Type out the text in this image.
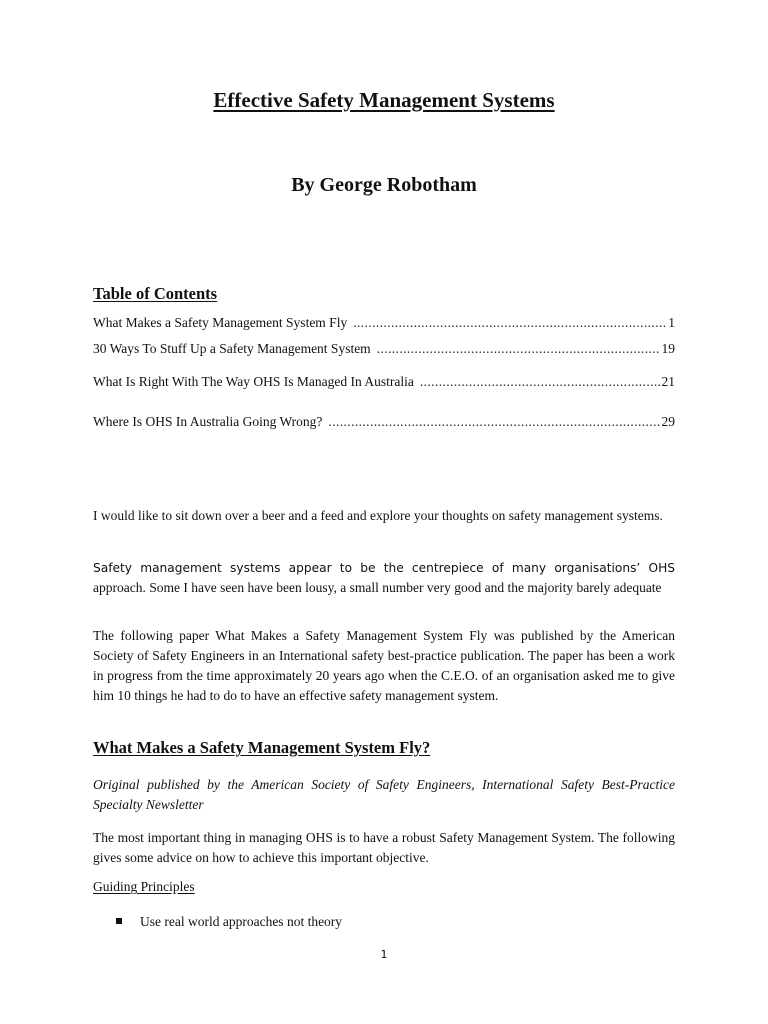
Effective Safety Management Systems
By George Robotham
Table of Contents
What Makes a Safety Management System Fly .....	1
30 Ways To Stuff Up a Safety Management System .....	19
What Is Right With The Way OHS Is Managed In Australia .....	21
Where Is OHS In Australia Going Wrong? .....	29

I would like to sit down over a beer and a feed and explore your thoughts on safety management systems.

Safety management systems appear to be the centrepiece of many organisations’ OHS approach. Some I have seen have been lousy, a small number very good and the majority barely adequate

The following paper What Makes a Safety Management System Fly was published by the American Society of Safety Engineers in an International safety best-practice publication. The paper has been a work in progress from the time approximately 20 years ago when the C.E.O. of an organisation asked me to give him 10 things he had to do to have an effective safety management system.

What Makes a Safety Management System Fly?

Original published by the American Society of Safety Engineers, International Safety Best-Practice Specialty Newsletter

The most important thing in managing OHS is to have a robust Safety Management System. The following gives some advice on how to achieve this important objective.

Guiding Principles
Use real world approaches not theory
1
